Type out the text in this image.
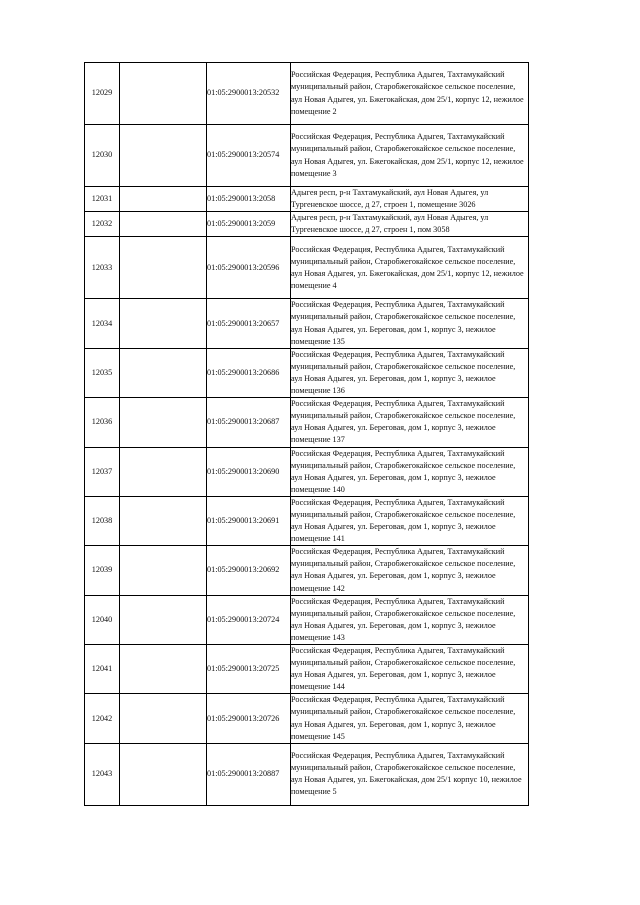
12029		01:05:2900013:20532	Российская Федерация, Республика Адыгея, Тахтамукайский муниципальный район, Старобжегокайское сельское поселение, аул Новая Адыгея, ул. Бжегокайская, дом 25/1, корпус 12, нежилое помещение 2
12030		01:05:2900013:20574	Российская Федерация, Республика Адыгея, Тахтамукайский муниципальный район, Старобжегокайское сельское поселение, аул Новая Адыгея, ул. Бжегокайская, дом 25/1, корпус 12, нежилое помещение 3
12031		01:05:2900013:2058	Адыгея респ, р-н Тахтамукайский, аул Новая Адыгея, ул Тургеневское шоссе, д 27, строен 1, помещение 3026
12032		01:05:2900013:2059	Адыгея респ, р-н Тахтамукайский, аул Новая Адыгея, ул Тургеневское шоссе, д 27, строен 1, пом 3058
12033		01:05:2900013:20596	Российская Федерация, Республика Адыгея, Тахтамукайский муниципальный район, Старобжегокайское сельское поселение, аул Новая Адыгея, ул. Бжегокайская, дом 25/1, корпус 12, нежилое помещение 4
12034		01:05:2900013:20657	Российская Федерация, Республика Адыгея, Тахтамукайский муниципальный район, Старобжегокайское сельское поселение, аул Новая Адыгея, ул. Береговая, дом 1, корпус 3, нежилое помещение 135
12035		01:05:2900013:20686	Российская Федерация, Республика Адыгея, Тахтамукайский муниципальный район, Старобжегокайское сельское поселение, аул Новая Адыгея, ул. Береговая, дом 1, корпус 3, нежилое помещение 136
12036		01:05:2900013:20687	Российская Федерация, Республика Адыгея, Тахтамукайский муниципальный район, Старобжегокайское сельское поселение, аул Новая Адыгея, ул. Береговая, дом 1, корпус 3, нежилое помещение 137
12037		01:05:2900013:20690	Российская Федерация, Республика Адыгея, Тахтамукайский муниципальный район, Старобжегокайское сельское поселение, аул Новая Адыгея, ул. Береговая, дом 1, корпус 3, нежилое помещение 140
12038		01:05:2900013:20691	Российская Федерация, Республика Адыгея, Тахтамукайский муниципальный район, Старобжегокайское сельское поселение, аул Новая Адыгея, ул. Береговая, дом 1, корпус 3, нежилое помещение 141
12039		01:05:2900013:20692	Российская Федерация, Республика Адыгея, Тахтамукайский муниципальный район, Старобжегокайское сельское поселение, аул Новая Адыгея, ул. Береговая, дом 1, корпус 3, нежилое помещение 142
12040		01:05:2900013:20724	Российская Федерация, Республика Адыгея, Тахтамукайский муниципальный район, Старобжегокайское сельское поселение, аул Новая Адыгея, ул. Береговая, дом 1, корпус 3, нежилое помещение 143
12041		01:05:2900013:20725	Российская Федерация, Республика Адыгея, Тахтамукайский муниципальный район, Старобжегокайское сельское поселение, аул Новая Адыгея, ул. Береговая, дом 1, корпус 3, нежилое помещение 144
12042		01:05:2900013:20726	Российская Федерация, Республика Адыгея, Тахтамукайский муниципальный район, Старобжегокайское сельское поселение, аул Новая Адыгея, ул. Береговая, дом 1, корпус 3, нежилое помещение 145
12043		01:05:2900013:20887	Российская Федерация, Республика Адыгея, Тахтамукайский муниципальный район, Старобжегокайское сельское поселение, аул Новая Адыгея, ул. Бжегокайская, дом 25/1 корпус 10, нежилое помещение 5
